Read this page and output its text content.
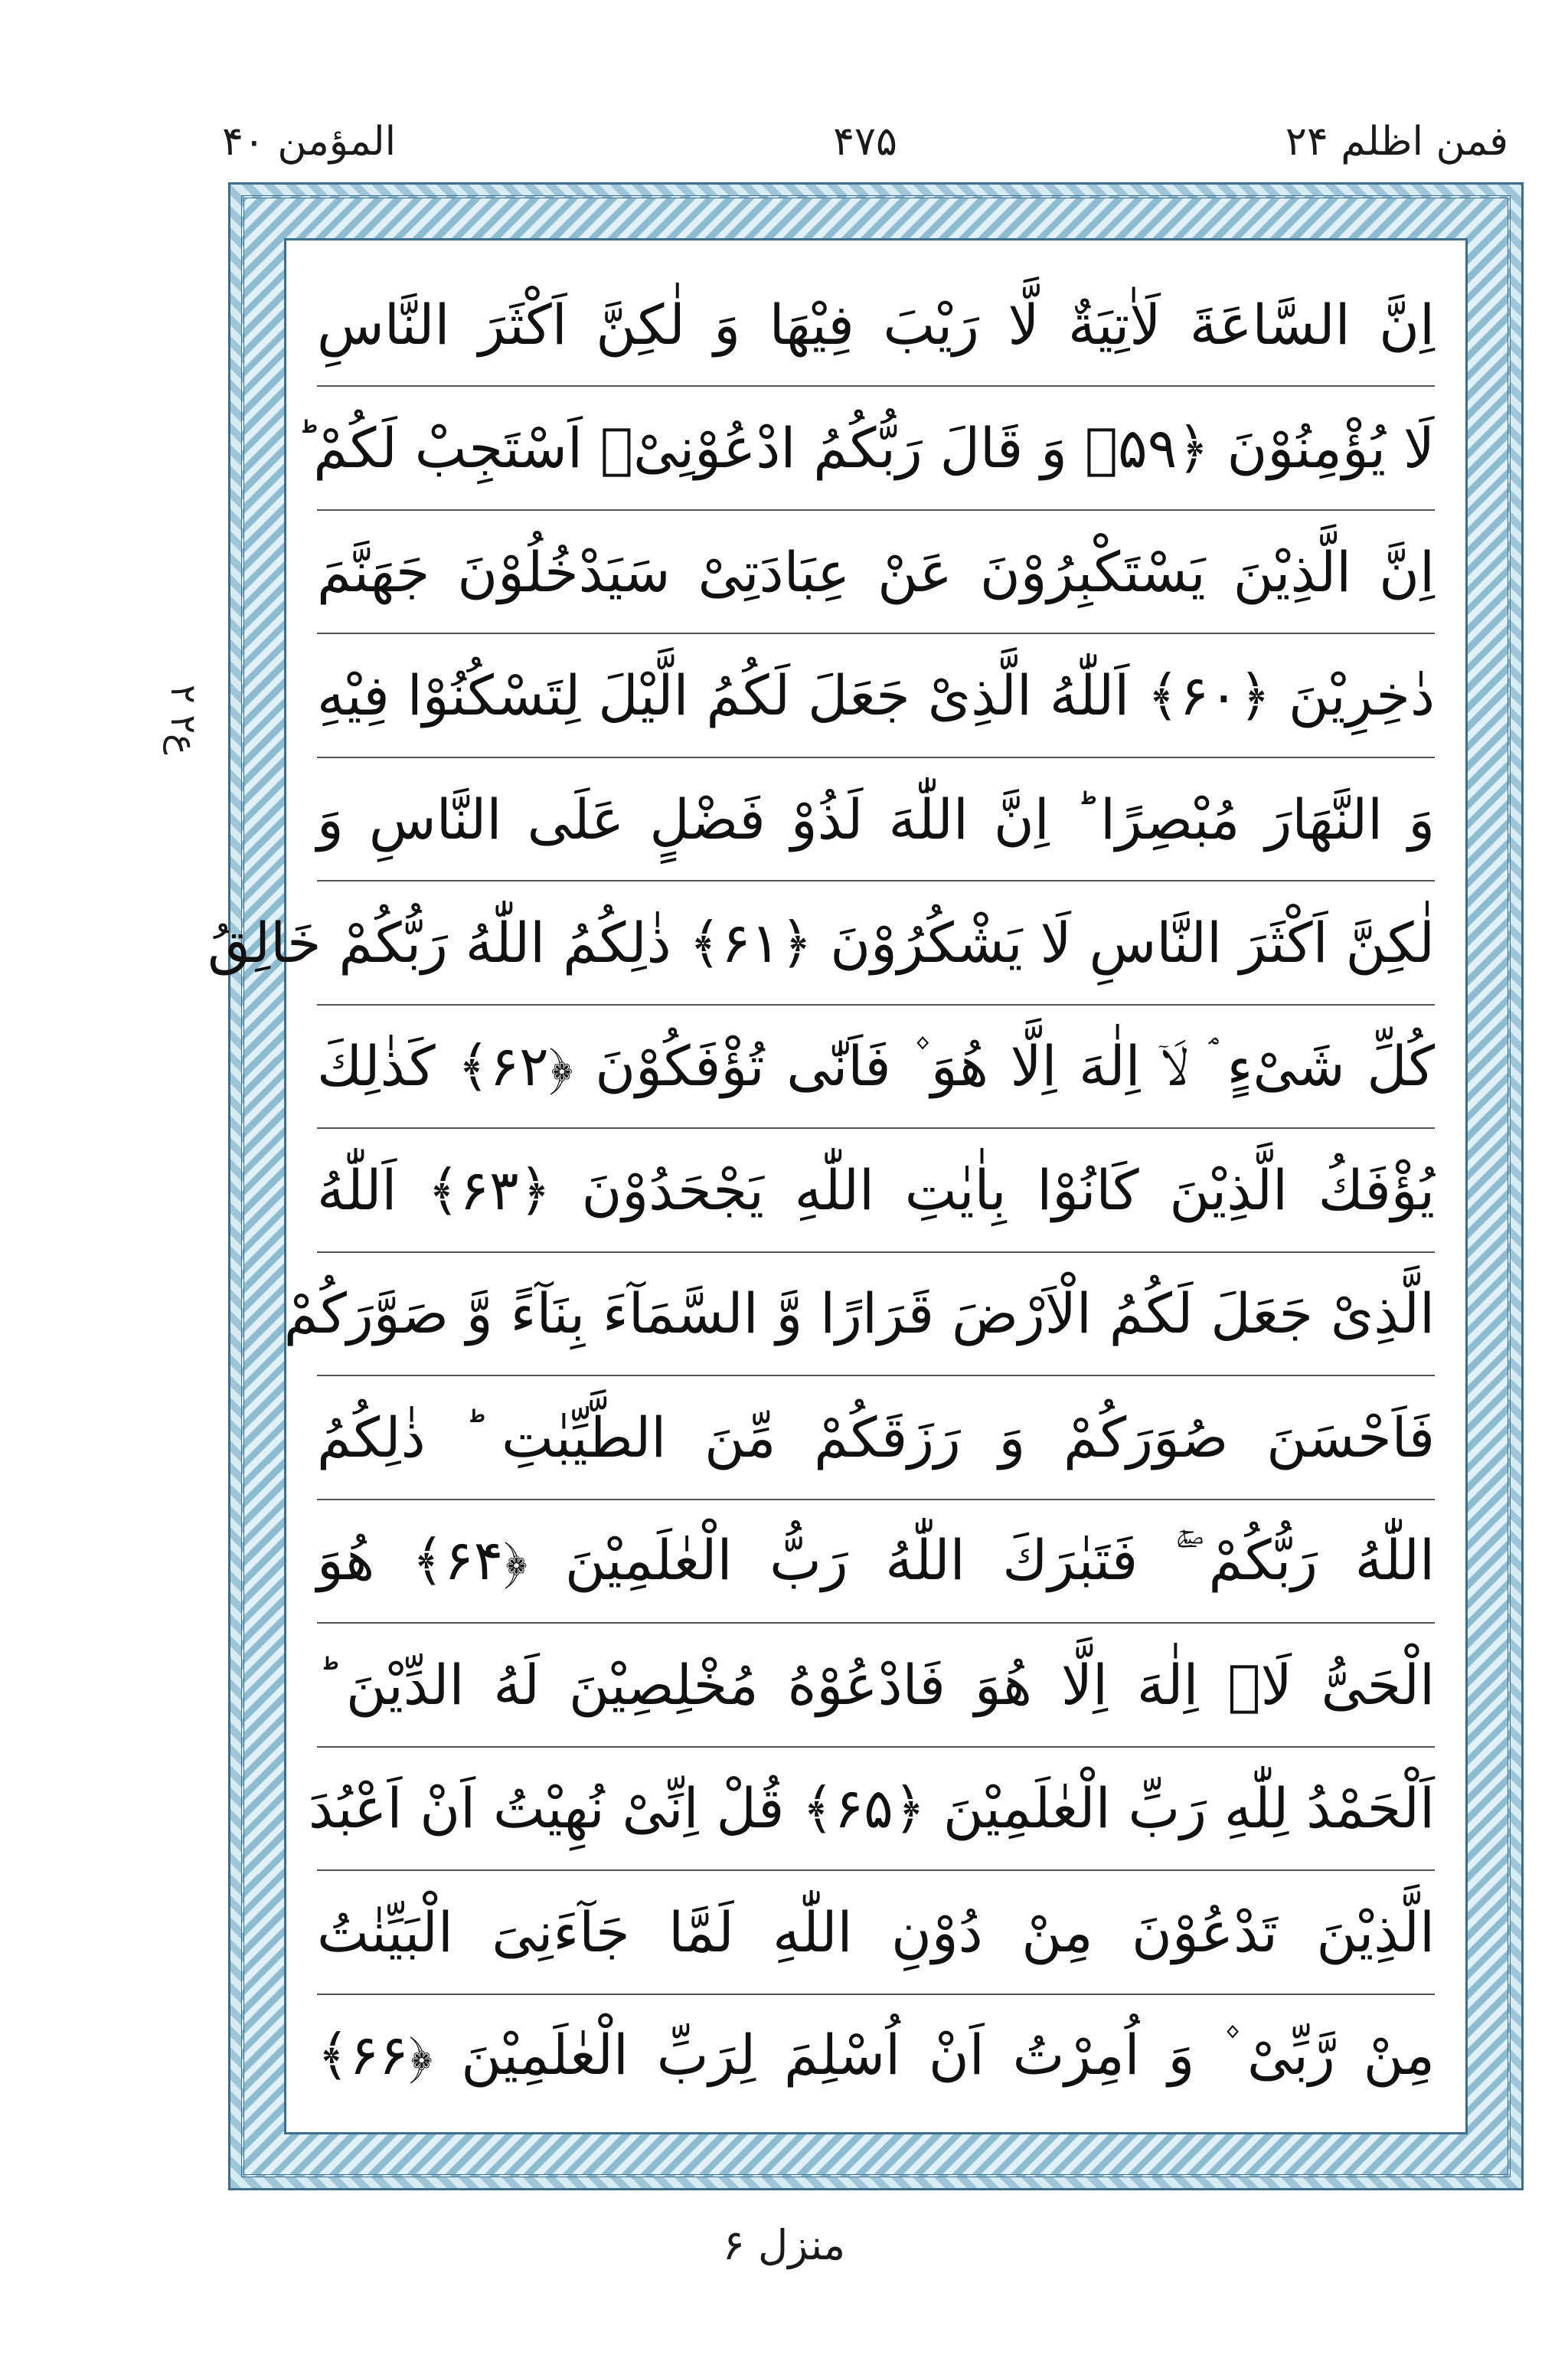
فمن اظلم ۲۴
۴۷۵
المؤمن ۴۰
ع۲ ۲
اِنَّ السَّاعَةَ لَاٰتِیَةٌ لَّا رَیْبَ فِیْهَا وَ لٰكِنَّ اَكْثَرَ النَّاسِ
لَا یُؤْمِنُوْنَ ﴿۵۹﴾ وَ قَالَ رَبُّكُمُ ادْعُوْنِیْۤ اَسْتَجِبْ لَكُمْ ؕ
اِنَّ الَّذِیْنَ یَسْتَكْبِرُوْنَ عَنْ عِبَادَتِیْ سَیَدْخُلُوْنَ جَهَنَّمَ
دٰخِرِیْنَ ﴿۶۰﴾ اَللّٰهُ الَّذِیْ جَعَلَ لَكُمُ الَّیْلَ لِتَسْكُنُوْا فِیْهِ
وَ النَّهَارَ مُبْصِرًا ؕ اِنَّ اللّٰهَ لَذُوْ فَضْلٍ عَلَى النَّاسِ وَ
لٰكِنَّ اَكْثَرَ النَّاسِ لَا یَشْكُرُوْنَ ﴿۶۱﴾ ذٰلِكُمُ اللّٰهُ رَبُّكُمْ خَالِقُ
كُلِّ شَیْءٍ ۘ لَاۤ اِلٰهَ اِلَّا هُوَ ۫ فَاَنّٰى تُؤْفَكُوْنَ ﴿۶۲﴾ كَذٰلِكَ
یُؤْفَكُ الَّذِیْنَ كَانُوْا بِاٰیٰتِ اللّٰهِ یَجْحَدُوْنَ ﴿۶۳﴾ اَللّٰهُ
الَّذِیْ جَعَلَ لَكُمُ الْاَرْضَ قَرَارًا وَّ السَّمَآءَ بِنَآءً وَّ صَوَّرَكُمْ
فَاَحْسَنَ صُوَرَكُمْ وَ رَزَقَكُمْ مِّنَ الطَّیِّبٰتِ ؕ ذٰلِكُمُ
اللّٰهُ رَبُّكُمْ ۚۖ فَتَبٰرَكَ اللّٰهُ رَبُّ الْعٰلَمِیْنَ ﴿۶۴﴾ هُوَ
الْحَیُّ لَاۤ اِلٰهَ اِلَّا هُوَ فَادْعُوْهُ مُخْلِصِیْنَ لَهُ الدِّیْنَ ؕ
اَلْحَمْدُ لِلّٰهِ رَبِّ الْعٰلَمِیْنَ ﴿۶۵﴾ قُلْ اِنِّیْ نُهِیْتُ اَنْ اَعْبُدَ
الَّذِیْنَ تَدْعُوْنَ مِنْ دُوْنِ اللّٰهِ لَمَّا جَآءَنِیَ الْبَیِّنٰتُ
مِنْ رَّبِّیْ ۫ وَ اُمِرْتُ اَنْ اُسْلِمَ لِرَبِّ الْعٰلَمِیْنَ ﴿۶۶﴾
منزل ۶
